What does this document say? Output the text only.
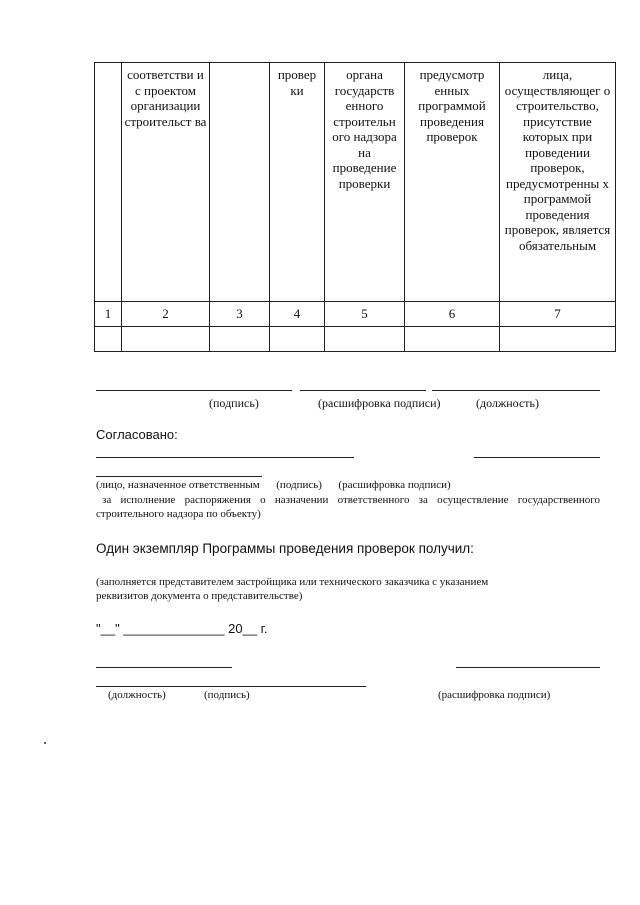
	соответстви и с проектом организации строительст ва		провер ки	органа государств енного строительн ого надзора на проведение проверки	предусмотр енных программой проведения проверок	лица, осуществляющег о строительство, присутствие которых при проведении проверок, предусмотренны х программой проведения проверок, является обязательным
1	2	3	4	5	6	7

(подпись)	(расшифровка подписи)	(должность)
Согласовано:
(лицо, назначенное ответственным      (подпись)      (расшифровка подписи)
за исполнение распоряжения о назначении ответственного за осуществление государственного строительного надзора по объекту)
Один экземпляр Программы проведения проверок получил:
(заполняется представителем застройщика или технического заказчика с указанием реквизитов документа о представительстве)
"__" ______________ 20__ г.
(должность)	(подпись)	(расшифровка подписи)
